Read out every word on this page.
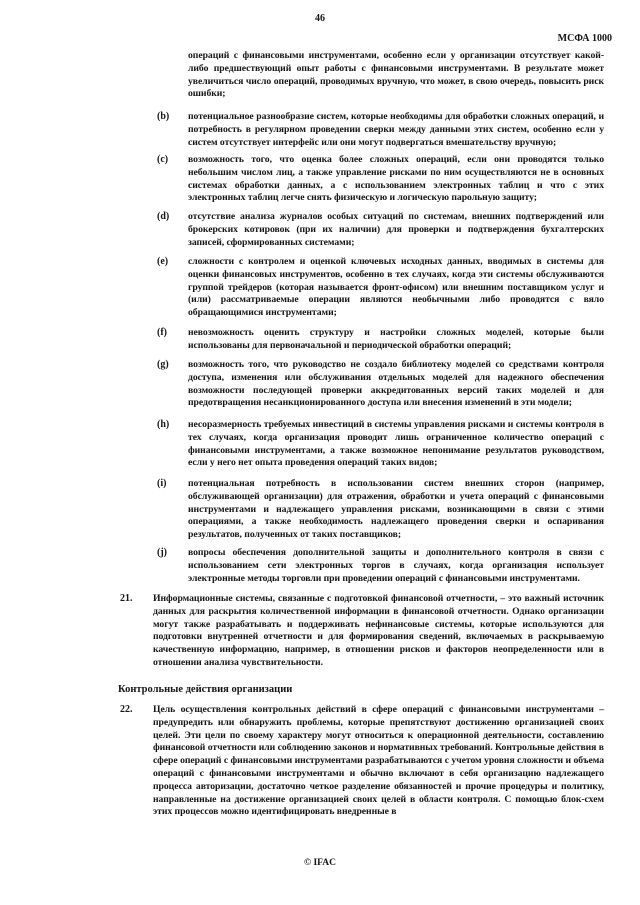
46
МСФА 1000
операций с финансовыми инструментами, особенно если у организации отсутствует какой-либо предшествующий опыт работы с финансовыми инструментами. В результате может увеличиться число операций, проводимых вручную, что может, в свою очередь, повысить риск ошибки;
(b) потенциальное разнообразие систем, которые необходимы для обработки сложных операций, и потребность в регулярном проведении сверки между данными этих систем, особенно если у систем отсутствует интерфейс или они могут подвергаться вмешательству вручную;
(c) возможность того, что оценка более сложных операций, если они проводятся только небольшим числом лиц, а также управление рисками по ним осуществляются не в основных системах обработки данных, а с использованием электронных таблиц и что с этих электронных таблиц легче снять физическую и логическую парольную защиту;
(d) отсутствие анализа журналов особых ситуаций по системам, внешних подтверждений или брокерских котировок (при их наличии) для проверки и подтверждения бухгалтерских записей, сформированных системами;
(e) сложности с контролем и оценкой ключевых исходных данных, вводимых в системы для оценки финансовых инструментов, особенно в тех случаях, когда эти системы обслуживаются группой трейдеров (которая называется фронт-офисом) или внешним поставщиком услуг и (или) рассматриваемые операции являются необычными либо проводятся с вяло обращающимися инструментами;
(f) невозможность оценить структуру и настройки сложных моделей, которые были использованы для первоначальной и периодической обработки операций;
(g) возможность того, что руководство не создало библиотеку моделей со средствами контроля доступа, изменения или обслуживания отдельных моделей для надежного обеспечения возможности последующей проверки аккредитованных версий таких моделей и для предотвращения несанкционированного доступа или внесения изменений в эти модели;
(h) несоразмерность требуемых инвестиций в системы управления рисками и системы контроля в тех случаях, когда организация проводит лишь ограниченное количество операций с финансовыми инструментами, а также возможное непонимание результатов руководством, если у него нет опыта проведения операций таких видов;
(i) потенциальная потребность в использовании систем внешних сторон (например, обслуживающей организации) для отражения, обработки и учета операций с финансовыми инструментами и надлежащего управления рисками, возникающими в связи с этими операциями, а также необходимость надлежащего проведения сверки и оспаривания результатов, полученных от таких поставщиков;
(j) вопросы обеспечения дополнительной защиты и дополнительного контроля в связи с использованием сети электронных торгов в случаях, когда организация использует электронные методы торговли при проведении операций с финансовыми инструментами.
21. Информационные системы, связанные с подготовкой финансовой отчетности, – это важный источник данных для раскрытия количественной информации в финансовой отчетности. Однако организации могут также разрабатывать и поддерживать нефинансовые системы, которые используются для подготовки внутренней отчетности и для формирования сведений, включаемых в раскрываемую качественную информацию, например, в отношении рисков и факторов неопределенности или в отношении анализа чувствительности.
Контрольные действия организации
22. Цель осуществления контрольных действий в сфере операций с финансовыми инструментами – предупредить или обнаружить проблемы, которые препятствуют достижению организацией своих целей. Эти цели по своему характеру могут относиться к операционной деятельности, составлению финансовой отчетности или соблюдению законов и нормативных требований. Контрольные действия в сфере операций с финансовыми инструментами разрабатываются с учетом уровня сложности и объема операций с финансовыми инструментами и обычно включают в себя организацию надлежащего процесса авторизации, достаточно четкое разделение обязанностей и прочие процедуры и политику, направленные на достижение организацией своих целей в области контроля. С помощью блок-схем этих процессов можно идентифицировать внедренные в
© IFAC
